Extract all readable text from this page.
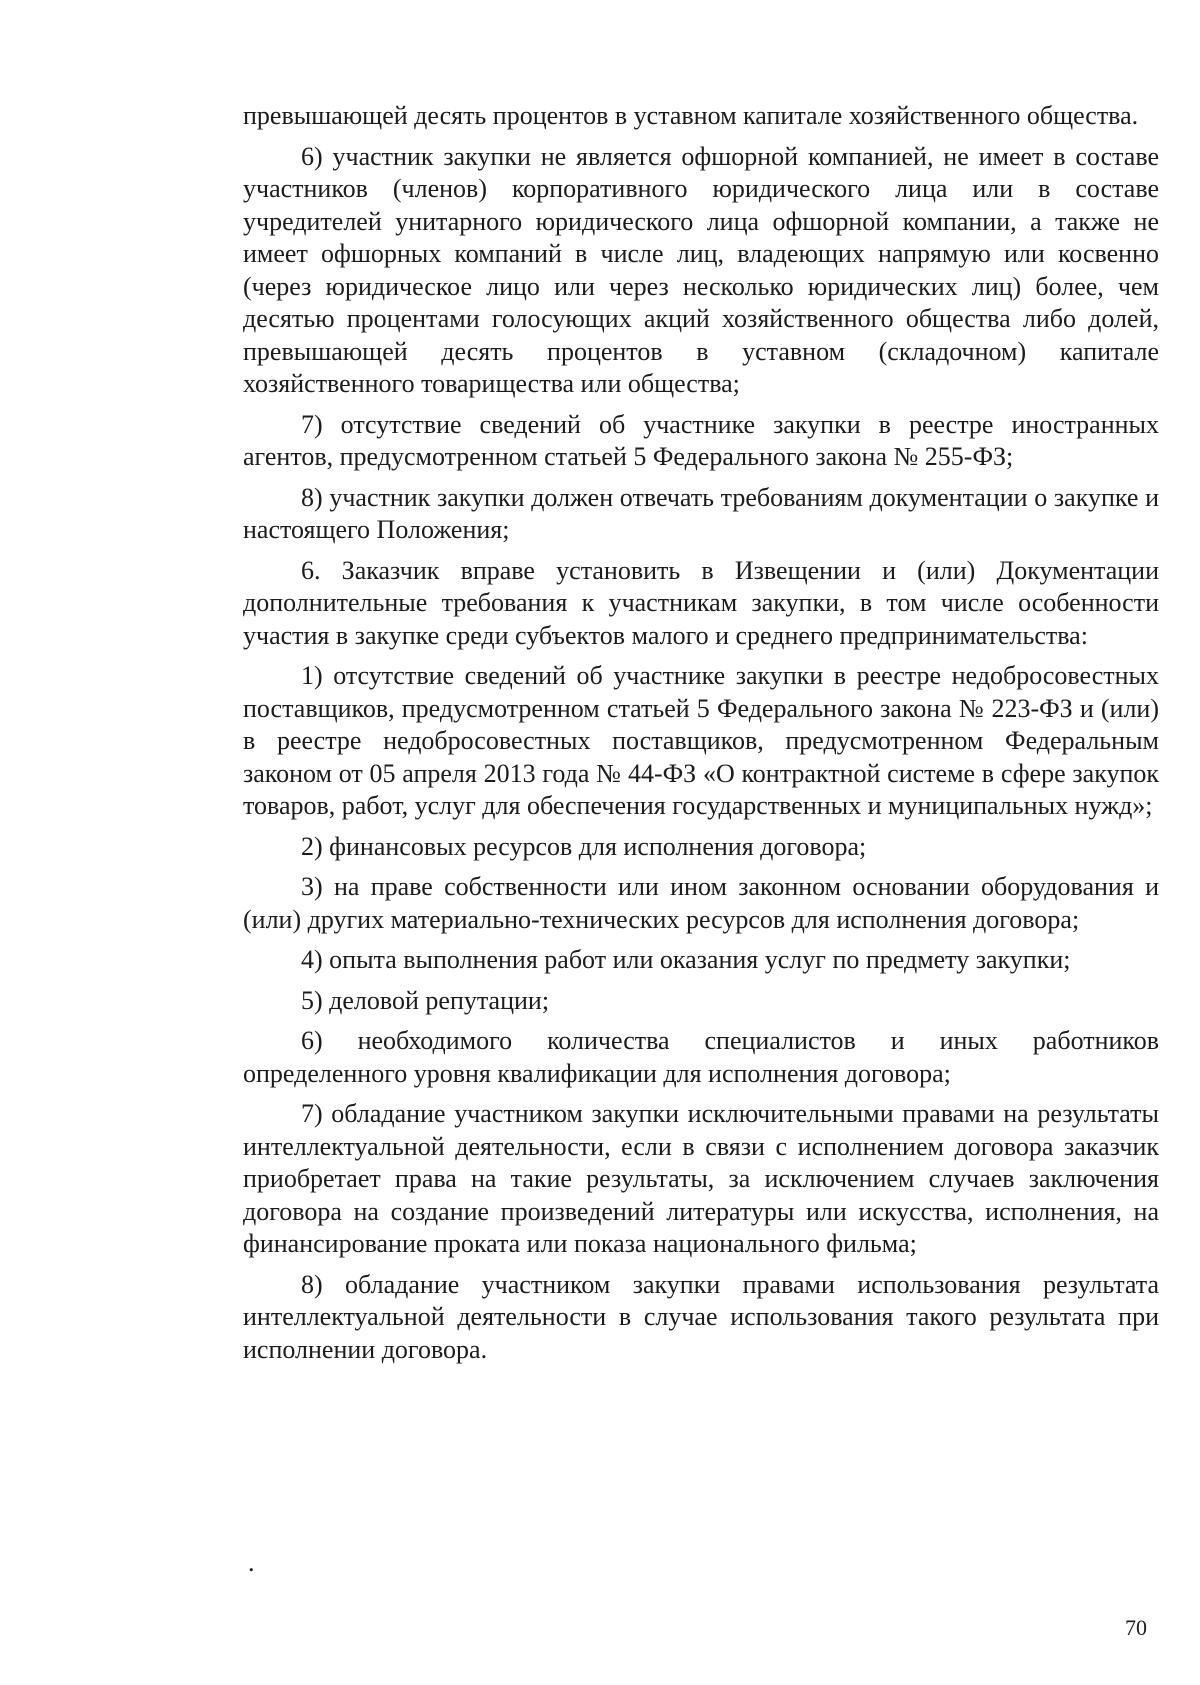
превышающей десять процентов в уставном капитале хозяйственного общества.

6) участник закупки не является офшорной компанией, не имеет в составе участников (членов) корпоративного юридического лица или в составе учредителей унитарного юридического лица офшорной компании, а также не имеет офшорных компаний в числе лиц, владеющих напрямую или косвенно (через юридическое лицо или через несколько юридических лиц) более, чем десятью процентами голосующих акций хозяйственного общества либо долей, превышающей десять процентов в уставном (складочном) капитале хозяйственного товарищества или общества;

7) отсутствие сведений об участнике закупки в реестре иностранных агентов, предусмотренном статьей 5 Федерального закона № 255-ФЗ;

8) участник закупки должен отвечать требованиям документации о закупке и настоящего Положения;

6. Заказчик вправе установить в Извещении и (или) Документации дополнительные требования к участникам закупки, в том числе особенности участия в закупке среди субъектов малого и среднего предпринимательства:

1) отсутствие сведений об участнике закупки в реестре недобросовестных поставщиков, предусмотренном статьей 5 Федерального закона № 223-ФЗ и (или) в реестре недобросовестных поставщиков, предусмотренном Федеральным законом от 05 апреля 2013 года № 44-ФЗ «О контрактной системе в сфере закупок товаров, работ, услуг для обеспечения государственных и муниципальных нужд»;

2) финансовых ресурсов для исполнения договора;

3) на праве собственности или ином законном основании оборудования и (или) других материально-технических ресурсов для исполнения договора;

4) опыта выполнения работ или оказания услуг по предмету закупки;

5) деловой репутации;

6) необходимого количества специалистов и иных работников определенного уровня квалификации для исполнения договора;

7) обладание участником закупки исключительными правами на результаты интеллектуальной деятельности, если в связи с исполнением договора заказчик приобретает права на такие результаты, за исключением случаев заключения договора на создание произведений литературы или искусства, исполнения, на финансирование проката или показа национального фильма;

8) обладание участником закупки правами использования результата интеллектуальной деятельности в случае использования такого результата при исполнении договора.

.
70
